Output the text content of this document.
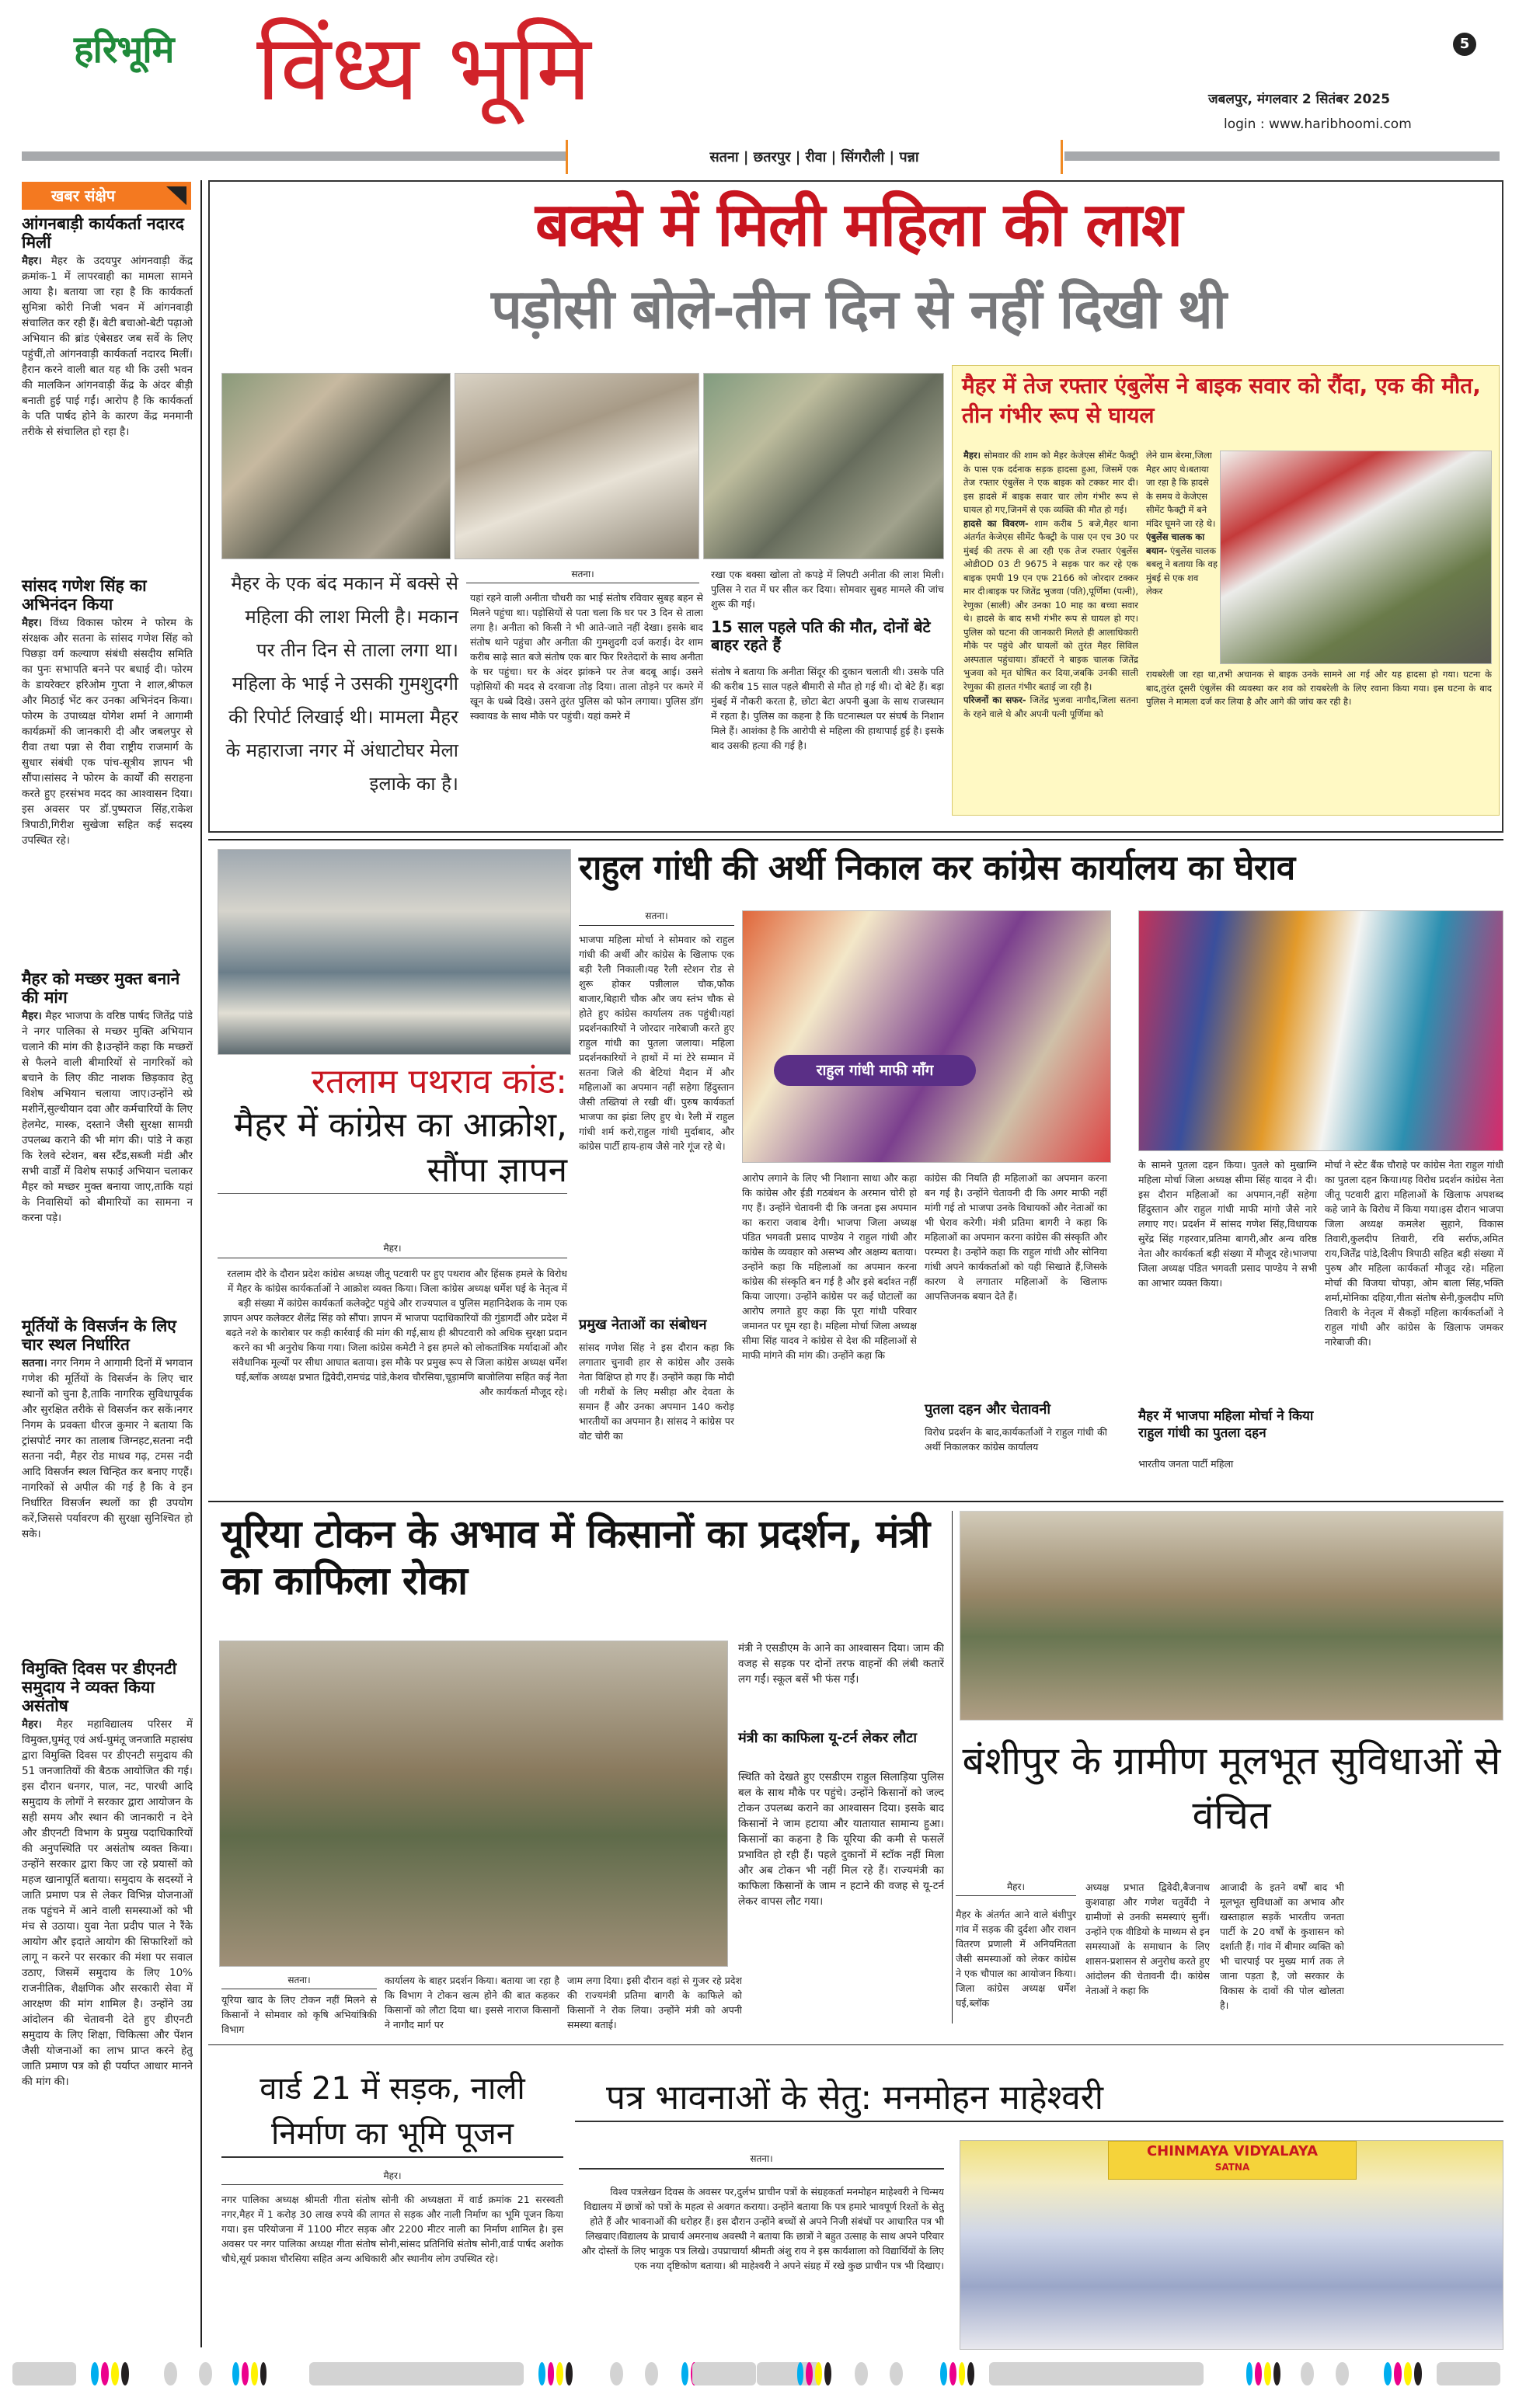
हरिभूमि विंध्य भूमि	5
जबलपुर, मंगलवार 2 सितंबर 2025
login : www.haribhoomi.com
सतना | छतरपुर | रीवा | सिंगरौली | पन्ना
खबर संक्षेप
आंगनबाड़ी कार्यकर्ता नदारद मिलीं
मैहर। मैहर के उदयपुर आंगनवाड़ी केंद्र क्रमांक-1 में लापरवाही का मामला सामने आया है। बताया जा रहा है कि कार्यकर्ता सुमित्रा कोरी निजी भवन में आंगनवाड़ी संचालित कर रही हैं। बेटी बचाओ-बेटी पढ़ाओ अभियान की ब्रांड एंबेसडर जब सर्वे के लिए पहुंचीं,तो आंगनवाड़ी कार्यकर्ता नदारद मिलीं। हैरान करने वाली बात यह थी कि उसी भवन की मालकिन आंगनवाड़ी केंद्र के अंदर बीड़ी बनाती हुई पाई गईं। आरोप है कि कार्यकर्ता के पति पार्षद होने के कारण केंद्र मनमानी तरीके से संचालित हो रहा है।
सांसद गणेश सिंह का अभिनंदन किया
मैहर। विंध्य विकास फोरम ने फोरम के संरक्षक और सतना के सांसद गणेश सिंह को पिछड़ा वर्ग कल्याण संबंधी संसदीय समिति का पुनः सभापति बनने पर बधाई दी। फोरम के डायरेक्टर हरिओम गुप्ता ने शाल,श्रीफल और मिठाई भेंट कर उनका अभिनंदन किया। फोरम के उपाध्यक्ष योगेश शर्मा ने आगामी कार्यक्रमों की जानकारी दी और जबलपुर से रीवा तथा पन्ना से रीवा राष्ट्रीय राजमार्ग के सुधार संबंधी एक पांच-सूत्रीय ज्ञापन भी सौंपा।सांसद ने फोरम के कार्यों की सराहना करते हुए हरसंभव मदद का आश्वासन दिया। इस अवसर पर डॉ.पुष्पराज सिंह,राकेश त्रिपाठी,गिरीश सुखेजा सहित कई सदस्य उपस्थित रहे।
मैहर को मच्छर मुक्त बनाने की मांग
मैहर। मैहर भाजपा के वरिष्ठ पार्षद जितेंद्र पांडे ने नगर पालिका से मच्छर मुक्ति अभियान चलाने की मांग की है।उन्होंने कहा कि मच्छरों से फैलने वाली बीमारियों से नागरिकों को बचाने के लिए कीट नाशक छिड़काव हेतु विशेष अभियान चलाया जाए।उन्होंने स्प्रे मशीनें,सुल्थीयान दवा और कर्मचारियों के लिए हेलमेट, मास्क, दस्ताने जैसी सुरक्षा सामग्री उपलब्ध कराने की भी मांग की। पांडे ने कहा कि रेलवे स्टेशन, बस स्टैंड,सब्जी मंडी और सभी वार्डों में विशेष सफाई अभियान चलाकर मैहर को मच्छर मुक्त बनाया जाए,ताकि यहां के निवासियों को बीमारियों का सामना न करना पड़े।
मूर्तियों के विसर्जन के लिए चार स्थल निर्धारित
सतना। नगर निगम ने आगामी दिनों में भगवान गणेश की मूर्तियों के विसर्जन के लिए चार स्थानों को चुना है,ताकि नागरिक सुविधापूर्वक और सुरक्षित तरीके से विसर्जन कर सकें।नगर निगम के प्रवक्ता धीरज कुमार ने बताया कि ट्रांसपोर्ट नगर का तालाब जिग्नहट,सतना नदी सतना नदी, मैहर रोड माधव गढ़, टमस नदी आदि विसर्जन स्थल चिन्हित कर बनाए गएहैं। नागरिकों से अपील की गई है कि वे इन निर्धारित विसर्जन स्थलों का ही उपयोग करें,जिससे पर्यावरण की सुरक्षा सुनिश्चित हो सके।
विमुक्ति दिवस पर डीएनटी समुदाय ने व्यक्त किया असंतोष
मैहर। मैहर महाविद्यालय परिसर में विमुक्त,घुमंतू एवं अर्ध-घुमंतू जनजाति महासंघ द्वारा विमुक्ति दिवस पर डीएनटी समुदाय की 51 जनजातियों की बैठक आयोजित की गई। इस दौरान धनगर, पाल, नट, पारधी आदि समुदाय के लोगों ने सरकार द्वारा आयोजन के सही समय और स्थान की जानकारी न देने और डीएनटी विभाग के प्रमुख पदाधिकारियों की अनुपस्थिति पर असंतोष व्यक्त किया। उन्होंने सरकार द्वारा किए जा रहे प्रयासों को महज खानापूर्ति बताया। समुदाय के सदस्यों ने जाति प्रमाण पत्र से लेकर विभिन्न योजनाओं तक पहुंचने में आने वाली समस्याओं को भी मंच से उठाया। युवा नेता प्रदीप पाल ने रैंके आयोग और इदाते आयोग की सिफारिशों को लागू न करने पर सरकार की मंशा पर सवाल उठाए, जिसमें समुदाय के लिए 10% राजनीतिक, शैक्षणिक और सरकारी सेवा में आरक्षण की मांग शामिल है। उन्होंने उग्र आंदोलन की चेतावनी देते हुए डीएनटी समुदाय के लिए शिक्षा, चिकित्सा और पेंशन जैसी योजनाओं का लाभ प्राप्त करने हेतु जाति प्रमाण पत्र को ही पर्याप्त आधार मानने की मांग की।
बक्से में मिली महिला की लाश
पड़ोसी बोले-तीन दिन से नहीं दिखी थी
मैहर के एक बंद मकान में बक्से से महिला की लाश मिली है। मकान पर तीन दिन से ताला लगा था। महिला के भाई ने उसकी गुमशुदगी की रिपोर्ट लिखाई थी। मामला मैहर के महाराजा नगर में अंधाटोघर मेला इलाके का है।
सतना।
यहां रहने वाली अनीता चौधरी का भाई संतोष रविवार सुबह बहन से मिलने पहुंचा था। पड़ोसियों से पता चला कि घर पर 3 दिन से ताला लगा है। अनीता को किसी ने भी आते-जाते नहीं देखा। इसके बाद संतोष थाने पहुंचा और अनीता की गुमशुदगी दर्ज कराई। देर शाम करीब साढ़े सात बजे संतोष एक बार फिर रिश्तेदारों के साथ अनीता के घर पहुंचा। घर के अंदर झांकने पर तेज बदबू आई। उसने पड़ोसियों की मदद से दरवाजा तोड़ दिया। ताला तोड़ने पर कमरे में खून के धब्बे दिखे। उसने तुरंत पुलिस को फोन लगाया। पुलिस डॉग स्क्वायड के साथ मौके पर पहुंची। यहां कमरे में
रखा एक बक्सा खोला तो कपड़े में लिपटी अनीता की लाश मिली। पुलिस ने रात में घर सील कर दिया। सोमवार सुबह मामले की जांच शुरू की गई।
15 साल पहले पति की मौत, दोनों बेटे बाहर रहते हैं
संतोष ने बताया कि अनीता सिंदूर की दुकान चलाती थी। उसके पति की करीब 15 साल पहले बीमारी से मौत हो गई थी। दो बेटे हैं। बड़ा मुंबई में नौकरी करता है, छोटा बेटा अपनी बुआ के साथ राजस्थान में रहता है। पुलिस का कहना है कि घटनास्थल पर संघर्ष के निशान मिले हैं। आशंका है कि आरोपी से महिला की हाथापाई हुई है। इसके बाद उसकी हत्या की गई है।
मैहर में तेज रफ्तार एंबुलेंस ने बाइक सवार को रौंदा, एक की मौत, तीन गंभीर रूप से घायल
मैहर। सोमवार की शाम को मैहर केजेएस सीमेंट फैक्ट्री के पास एक दर्दनाक सड़क हादसा हुआ, जिसमें एक तेज रफ्तार एंबुलेंस ने एक बाइक को टक्कर मार दी। इस हादसे में बाइक सवार चार लोग गंभीर रूप से घायल हो गए,जिनमें से एक व्यक्ति की मौत हो गई।
हादसे का विवरण- शाम करीब 5 बजे,मैहर थाना अंतर्गत केजेएस सीमेंट फैक्ट्री के पास एन एच 30 पर मुंबई की तरफ से आ रही एक तेज रफ्तार एंबुलेंस ओडीOD 03 टी 9675 ने सड़क पार कर रहे एक बाइक एमपी 19 एन एफ 2166 को जोरदार टक्कर मार दी।बाइक पर जितेंद्र भुजवा (पति),पूर्णिमा (पत्नी), रेणुका (साली) और उनका 10 माह का बच्चा सवार थे। हादसे के बाद सभी गंभीर रूप से घायल हो गए। पुलिस को घटना की जानकारी मिलते ही आलाधिकारी मौके पर पहुंचे और घायलों को तुरंत मैहर सिविल अस्पताल पहुंचाया। डॉक्टरों ने बाइक चालक जितेंद्र भुजवा को मृत घोषित कर दिया,जबकि उनकी साली रेणुका की हालत गंभीर बताई जा रही है।
परिजनों का सफर- जितेंद्र भुजवा नागौद,जिला सतना के रहने वाले थे और अपनी पत्नी पूर्णिमा को
लेने ग्राम बेरमा,जिला मैहर आए थे।बताया जा रहा है कि हादसे के समय वे केजेएस सीमेंट फैक्ट्री में बने मंदिर घूमने जा रहे थे।
एंबुलेंस चालक का बयान- एंबुलेंस चालक बबलू ने बताया कि वह मुंबई से एक शव लेकर
रायबरेली जा रहा था,तभी अचानक से बाइक उनके सामने आ गई और यह हादसा हो गया। घटना के बाद,तुरंत दूसरी एंबुलेंस की व्यवस्था कर शव को रायबरेली के लिए रवाना किया गया। इस घटना के बाद पुलिस ने मामला दर्ज कर लिया है और आगे की जांच कर रही है।
राहुल गांधी की अर्थी निकाल कर कांग्रेस कार्यालय का घेराव
सतना।
भाजपा महिला मोर्चा ने सोमवार को राहुल गांधी की अर्थी और कांग्रेस के खिलाफ एक बड़ी रैली निकाली।यह रैली स्टेशन रोड से शुरू होकर पन्नीलाल चौक,फौक बाजार,बिहारी चौक और जय स्तंभ चौक से होते हुए कांग्रेस कार्यालय तक पहुंची।यहां प्रदर्शनकारियों ने जोरदार नारेबाजी करते हुए राहुल गांधी का पुतला जलाया। महिला प्रदर्शनकारियों ने हाथों में मां टेरे सम्मान में सतना जिले की बेटियां मैदान में और महिलाओं का अपमान नहीं सहेगा हिंदुस्तान जैसी तख्तियां ले रखी थीं। पुरुष कार्यकर्ता भाजपा का झंडा लिए हुए थे। रैली में राहुल गांधी शर्म करो,राहुल गांधी मुर्दाबाद, और कांग्रेस पार्टी हाय-हाय जैसे नारे गूंज रहे थे।
प्रमुख नेताओं का संबोधन
सांसद गणेश सिंह ने इस दौरान कहा कि लगातार चुनावी हार से कांग्रेस और उसके नेता विक्षिप्त हो गए हैं। उन्होंने कहा कि मोदी जी गरीबों के लिए मसीहा और देवता के समान हैं और उनका अपमान 140 करोड़ भारतीयों का अपमान है। सांसद ने कांग्रेस पर वोट चोरी का
राहुल गांधी माफी माँग
आरोप लगाने के लिए भी निशाना साधा और कहा कि कांग्रेस और ईडी गठबंधन के अरमान चोरी हो गए हैं। उन्होंने चेतावनी दी कि जनता इस अपमान का करारा जवाब देगी। भाजपा जिला अध्यक्ष पंडित भगवती प्रसाद पाण्डेय ने राहुल गांधी और कांग्रेस के व्यवहार को असभ्य और अक्षम्य बताया। उन्होंने कहा कि महिलाओं का अपमान करना कांग्रेस की संस्कृति बन गई है और इसे बर्दाश्त नहीं किया जाएगा। उन्होंने कांग्रेस पर कई घोटालों का आरोप लगाते हुए कहा कि पूरा गांधी परिवार जमानत पर घूम रहा है। महिला मोर्चा जिला अध्यक्ष सीमा सिंह यादव ने कांग्रेस से देश की महिलाओं से माफी मांगने की मांग की। उन्होंने कहा कि
कांग्रेस की नियति ही महिलाओं का अपमान करना बन गई है। उन्होंने चेतावनी दी कि अगर माफी नहीं मांगी गई तो भाजपा उनके विधायकों और नेताओं का भी घेराव करेगी। मंत्री प्रतिमा बागरी ने कहा कि महिलाओं का अपमान करना कांग्रेस की संस्कृति और परम्परा है। उन्होंने कहा कि राहुल गांधी और सोनिया गांधी अपने कार्यकर्ताओं को यही सिखाते हैं,जिसके कारण वे लगातार महिलाओं के खिलाफ आपत्तिजनक बयान देते हैं।
पुतला दहन और चेतावनी
विरोध प्रदर्शन के बाद,कार्यकर्ताओं ने राहुल गांधी की अर्थी निकालकर कांग्रेस कार्यालय
के सामने पुतला दहन किया। पुतले को मुखाग्नि महिला मोर्चा जिला अध्यक्ष सीमा सिंह यादव ने दी। इस दौरान महिलाओं का अपमान,नहीं सहेगा हिंदुस्तान और राहुल गांधी माफी मांगो जैसे नारे लगाए गए। प्रदर्शन में सांसद गणेश सिंह,विधायक सुरेंद्र सिंह गहरवार,प्रतिमा बागरी,और अन्य वरिष्ठ नेता और कार्यकर्ता बड़ी संख्या में मौजूद रहे।भाजपा जिला अध्यक्ष पंडित भगवती प्रसाद पाण्डेय ने सभी का आभार व्यक्त किया।
मैहर में भाजपा महिला मोर्चा ने किया राहुल गांधी का पुतला दहन
भारतीय जनता पार्टी महिला
मोर्चा ने स्टेट बैंक चौराहे पर कांग्रेस नेता राहुल गांधी का पुतला दहन किया।यह विरोध प्रदर्शन कांग्रेस नेता जीतू पटवारी द्वारा महिलाओं के खिलाफ अपशब्द कहे जाने के विरोध में किया गया।इस दौरान भाजपा जिला अध्यक्ष कमलेश सुहाने, विकास तिवारी,कुलदीप तिवारी, रवि सर्राफ,अमित राय,जिर्तेंद्र पांडे,दिलीप त्रिपाठी सहित बड़ी संख्या में पुरुष और महिला कार्यकर्ता मौजूद रहे। महिला मोर्चा की विजया चोपड़ा, ओम बाला सिंह,भक्ति शर्मा,मोनिका दहिया,गीता संतोष सेनी,कुलदीप मणि तिवारी के नेतृत्व में सैकड़ों महिला कार्यकर्ताओं ने राहुल गांधी और कांग्रेस के खिलाफ जमकर नारेबाजी की।
रतलाम पथराव कांड:
मैहर में कांग्रेस का आक्रोश, सौंपा ज्ञापन
मैहर।
रतलाम दौरे के दौरान प्रदेश कांग्रेस अध्यक्ष जीतू पटवारी पर हुए पथराव और हिंसक हमले के विरोध में मैहर के कांग्रेस कार्यकर्ताओं ने आक्रोश व्यक्त किया। जिला कांग्रेस अध्यक्ष धर्मेश घई के नेतृत्व में बड़ी संख्या में कांग्रेस कार्यकर्ता कलेक्ट्रेट पहुंचे और राज्यपाल व पुलिस महानिदेशक के नाम एक ज्ञापन अपर कलेक्टर शैलेंद्र सिंह को सौंपा। ज्ञापन में भाजपा पदाधिकारियों की गुंडागर्दी और प्रदेश में बढ़ते नशे के कारोबार पर कड़ी कार्रवाई की मांग की गई,साथ ही श्रीपटवारी को अधिक सुरक्षा प्रदान करने का भी अनुरोध किया गया। जिला कांग्रेस कमेटी ने इस हमले को लोकतांत्रिक मर्यादाओं और संवैधानिक मूल्यों पर सीधा आघात बताया। इस मौके पर प्रमुख रूप से जिला कांग्रेस अध्यक्ष धर्मेश घई,ब्लॉक अध्यक्ष प्रभात द्विवेदी,रामचंद्र पांडे,केशव चौरसिया,चूड़ामणि बाजोलिया सहित कई नेता और कार्यकर्ता मौजूद रहे।
यूरिया टोकन के अभाव में किसानों का प्रदर्शन, मंत्री का काफिला रोका
मंत्री ने एसडीएम के आने का आश्वासन दिया। जाम की वजह से सड़क पर दोनों तरफ वाहनों की लंबी कतारें लग गईं। स्कूल बसें भी फंस गईं।
मंत्री का काफिला यू-टर्न लेकर लौटा
स्थिति को देखते हुए एसडीएम राहुल सिलाड़िया पुलिस बल के साथ मौके पर पहुंचे। उन्होंने किसानों को जल्द टोकन उपलब्ध कराने का आश्वासन दिया। इसके बाद किसानों ने जाम हटाया और यातायात सामान्य हुआ। किसानों का कहना है कि यूरिया की कमी से फसलें प्रभावित हो रही हैं। पहले दुकानों में स्टॉक नहीं मिला और अब टोकन भी नहीं मिल रहे हैं। राज्यमंत्री का काफिला किसानों के जाम न हटाने की वजह से यू-टर्न लेकर वापस लौट गया।
सतना।
यूरिया खाद के लिए टोकन नहीं मिलने से किसानों ने सोमवार को कृषि अभियांत्रिकी विभाग
कार्यालय के बाहर प्रदर्शन किया। बताया जा रहा है कि विभाग ने टोकन खत्म होने की बात कहकर किसानों को लौटा दिया था। इससे नाराज किसानों ने नागौद मार्ग पर
जाम लगा दिया। इसी दौरान वहां से गुजर रहे प्रदेश की राज्यमंत्री प्रतिमा बागरी के काफिले को किसानों ने रोक लिया। उन्होंने मंत्री को अपनी समस्या बताई।
बंशीपुर के ग्रामीण मूलभूत सुविधाओं से वंचित
मैहर।
मैहर के अंतर्गत आने वाले बंशीपुर गांव में सड़क की दुर्दशा और राशन वितरण प्रणाली में अनियमितता जैसी समस्याओं को लेकर कांग्रेस ने एक चौपाल का आयोजन किया। जिला कांग्रेस अध्यक्ष धर्मेश घई,ब्लॉक
अध्यक्ष प्रभात द्विवेदी,बैजनाथ कुशवाहा और गणेश चतुर्वेदी ने ग्रामीणों से उनकी समस्याएं सुनीं। उन्होंने एक वीडियो के माध्यम से इन समस्याओं के समाधान के लिए शासन-प्रशासन से अनुरोध करते हुए आंदोलन की चेतावनी दी। कांग्रेस नेताओं ने कहा कि
आजादी के इतने वर्षों बाद भी मूलभूत सुविधाओं का अभाव और खस्ताहाल सड़कें भारतीय जनता पार्टी के 20 वर्षों के कुशासन को दर्शाती हैं। गांव में बीमार व्यक्ति को भी चारपाई पर मुख्य मार्ग तक ले जाना पड़ता है, जो सरकार के विकास के दावों की पोल खोलता है।
वार्ड 21 में सड़क, नाली निर्माण का भूमि पूजन
मैहर।
नगर पालिका अध्यक्ष श्रीमती गीता संतोष सोनी की अध्यक्षता में वार्ड क्रमांक 21 सरस्वती नगर,मैहर में 1 करोड़ 30 लाख रुपये की लागत से सड़क और नाली निर्माण का भूमि पूजन किया गया। इस परियोजना में 1100 मीटर सड़क और 2200 मीटर नाली का निर्माण शामिल है। इस अवसर पर नगर पालिका अध्यक्ष गीता संतोष सोनी,सांसद प्रतिनिधि संतोष सोनी,वार्ड पार्षद अशोक चौधे,सूर्य प्रकाश चौरसिया सहित अन्य अधिकारी और स्थानीय लोग उपस्थित रहे।
पत्र भावनाओं के सेतु: मनमोहन माहेश्वरी
सतना।
विश्व पत्रलेखन दिवस के अवसर पर,दुर्लभ प्राचीन पत्रों के संग्रहकर्ता मनमोहन माहेश्वरी ने चिन्मय विद्यालय में छात्रों को पत्रों के महत्व से अवगत कराया। उन्होंने बताया कि पत्र हमारे भावपूर्ण रिश्तों के सेतु होते हैं और भावनाओं की धरोहर हैं। इस दौरान उन्होंने बच्चों से अपने निजी संबंधों पर आधारित पत्र भी लिखवाए।विद्यालय के प्राचार्य अमरनाथ अवस्थी ने बताया कि छात्रों ने बहुत उत्साह के साथ अपने परिवार और दोस्तों के लिए भावुक पत्र लिखे। उपप्राचार्या श्रीमती अंशु राय ने इस कार्यशाला को विद्यार्थियों के लिए एक नया दृष्टिकोण बताया। श्री माहेश्वरी ने अपने संग्रह में रखे कुछ प्राचीन पत्र भी दिखाए।
CHINMAYA VIDYALAYA
SATNA
